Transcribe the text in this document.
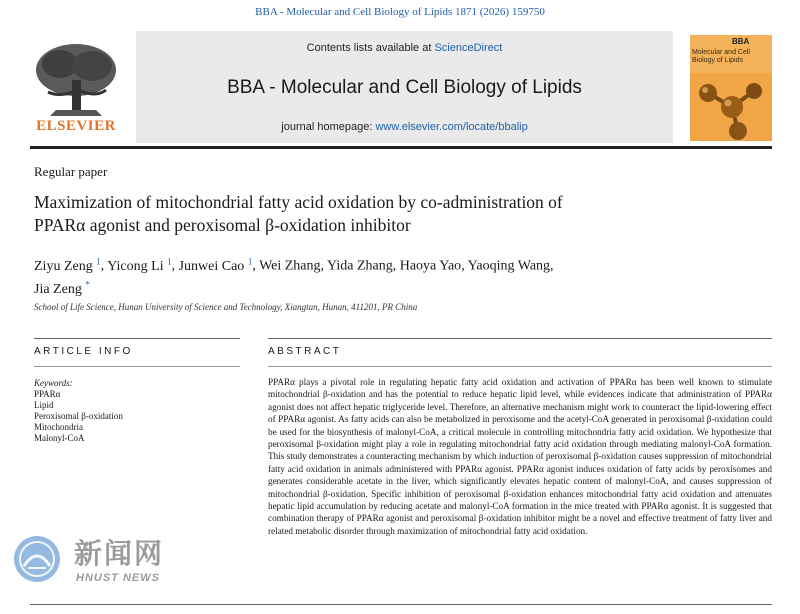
BBA - Molecular and Cell Biology of Lipids 1871 (2026) 159750
ELSEVIER
Contents lists available at ScienceDirect
BBA - Molecular and Cell Biology of Lipids
journal homepage: www.elsevier.com/locate/bbalip
BBA
Molecular and Cell Biology of Lipids
Regular paper
Maximization of mitochondrial fatty acid oxidation by co-administration of
PPARα agonist and peroxisomal β-oxidation inhibitor
Ziyu Zeng $^1$, Yicong Li $^1$, Junwei Cao $^1$, Wei Zhang, Yida Zhang, Haoya Yao, Yaoqing Wang,
Jia Zeng *
School of Life Science, Hunan University of Science and Technology, Xiangtan, Hunan, 411201, PR China
ARTICLE INFO	ABSTRACT
Keywords:
PPARα
Lipid
Peroxisomal β-oxidation
Mitochondria
Malonyl-CoA
PPARα plays a pivotal role in regulating hepatic fatty acid oxidation and activation of PPARα has been well known to stimulate mitochondrial β-oxidation and has the potential to reduce hepatic lipid level, while evidences indicate that administration of PPARα agonist does not affect hepatic triglyceride level. Therefore, an alternative mechanism might work to counteract the lipid-lowering effect of PPARα agonist. As fatty acids can also be metabolized in peroxisome and the acetyl-CoA generated in peroxisomal β-oxidation could be used for the biosynthesis of malonyl-CoA, a critical molecule in controlling mitochondria fatty acid oxidation. We hypothesize that peroxisomal β-oxidation might play a role in regulating mitochondrial fatty acid oxidation through mediating malonyl-CoA formation. This study demonstrates a counteracting mechanism by which induction of peroxisomal β-oxidation causes suppression of mitochondrial fatty acid oxidation in animals administered with PPARα agonist. PPARα agonist induces oxidation of fatty acids by peroxisomes and generates considerable acetate in the liver, which significantly elevates hepatic content of malonyl-CoA, and causes suppression of mitochondrial β-oxidation. Specific inhibition of peroxisomal β-oxidation enhances mitochondrial fatty acid oxidation and attenuates hepatic lipid accumulation by reducing acetate and malonyl-CoA formation in the mice treated with PPARα agonist. It is suggested that combination therapy of PPARα agonist and peroxisomal β-oxidation inhibitor might be a novel and effective treatment of fatty liver and related metabolic disorder through maximization of mitochondrial fatty acid oxidation.
新闻网
HNUST NEWS
